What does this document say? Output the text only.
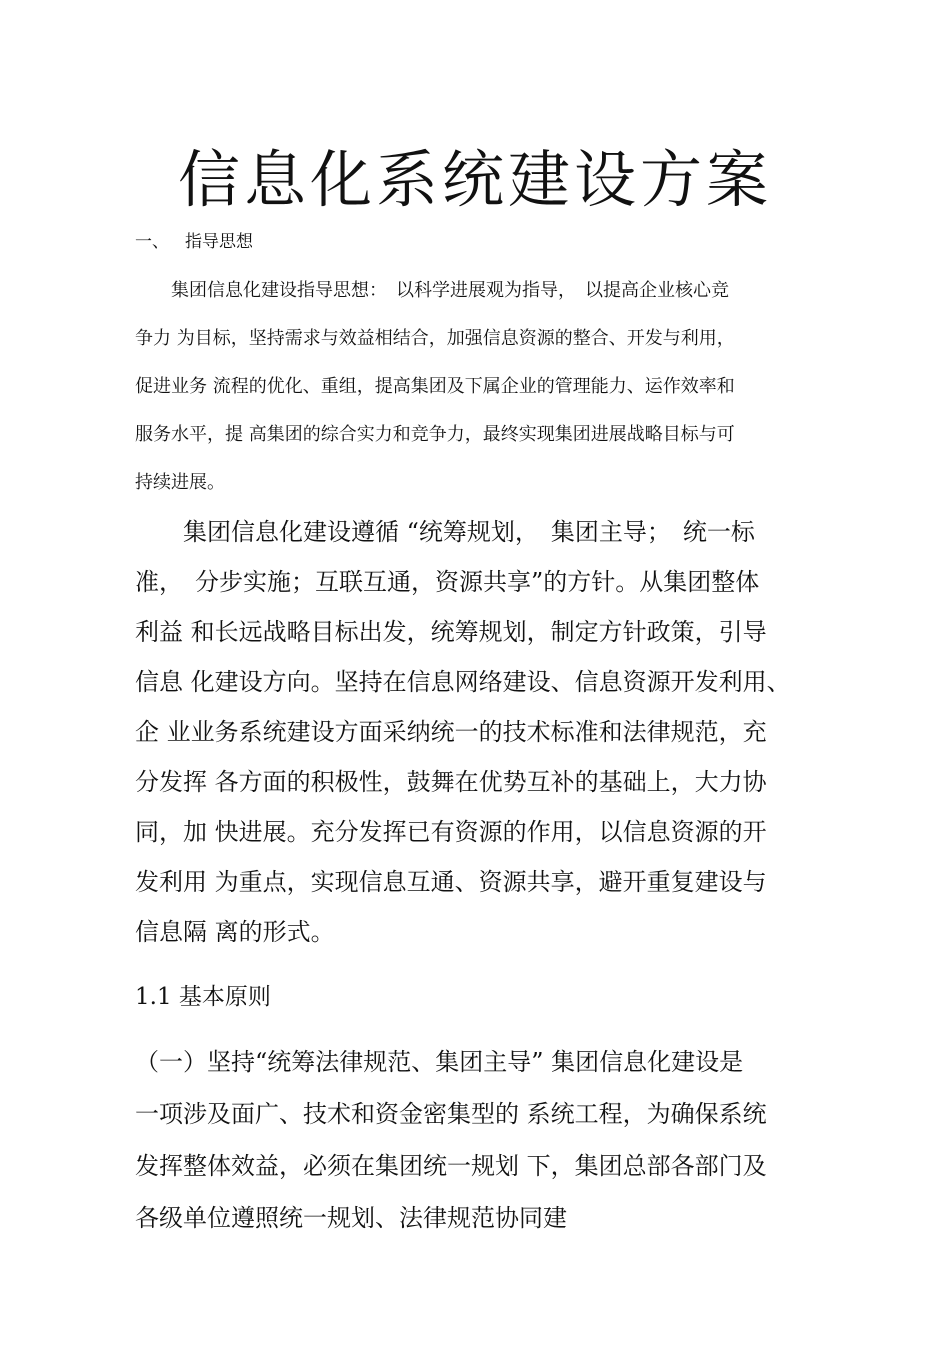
信息化系统建设方案
一、 指导思想
　　集团信息化建设指导思想：　以科学进展观为指导，　以提高企业核心竞
争力 为目标，坚持需求与效益相结合，加强信息资源的整合、开发与利用，
促进业务 流程的优化、重组，提高集团及下属企业的管理能力、运作效率和
服务水平，提 高集团的综合实力和竞争力，最终实现集团进展战略目标与可
持续进展。
　　集团信息化建设遵循 “统筹规划，　集团主导；　统一标
准，　分步实施；互联互通，资源共享”的方针。从集团整体
利益 和长远战略目标出发，统筹规划，制定方针政策，引导
信息 化建设方向。坚持在信息网络建设、信息资源开发利用、
企 业业务系统建设方面采纳统一的技术标准和法律规范，充
分发挥 各方面的积极性，鼓舞在优势互补的基础上，大力协
同，加 快进展。充分发挥已有资源的作用，以信息资源的开
发利用 为重点，实现信息互通、资源共享，避开重复建设与
信息隔 离的形式。
1.1 基本原则
（一）坚持“统筹法律规范、集团主导” 集团信息化建设是
一项涉及面广、技术和资金密集型的 系统工程，为确保系统
发挥整体效益，必须在集团统一规划 下，集团总部各部门及
各级单位遵照统一规划、法律规范协同建
